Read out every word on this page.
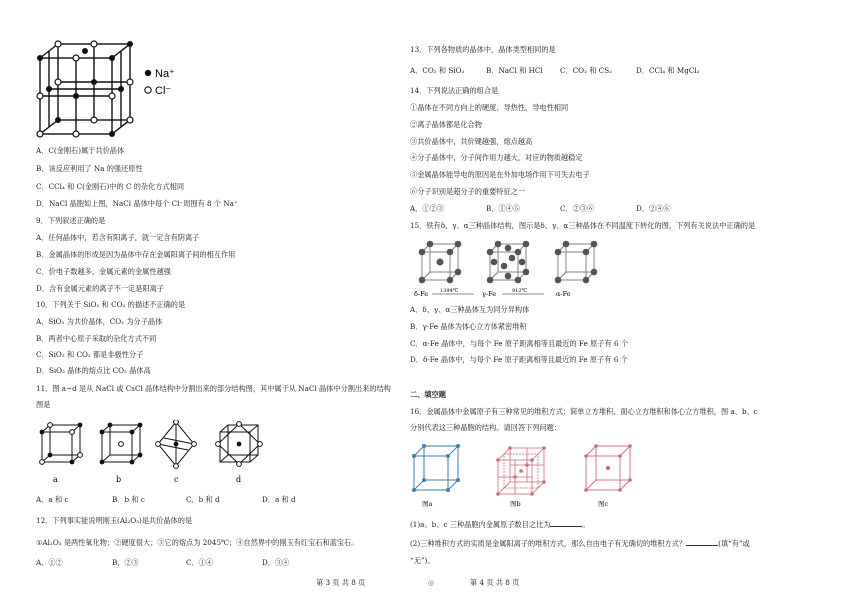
Na⁺
Cl⁻
A．C(金刚石)属于共价晶体
B．该反应利用了 Na 的强还原性
C．CCl₄ 和 C(金刚石)中的 C 的杂化方式相同
D．NaCl 晶胞如上图，NaCl 晶体中每个 Cl⁻周围有 8 个 Na⁺
9．下列叙述正确的是
A．任何晶体中，若含有阳离子，就一定含有阴离子
B．金属晶体的形成是因为晶体中存在金属阳离子间的相互作用
C．价电子数越多，金属元素的金属性越强
D．含有金属元素的离子不一定是阳离子
10．下列关于 SiO₂ 和 CO₂ 的描述不正确的是
A．SiO₂ 为共价晶体，CO₂ 为分子晶体
B．两者中心原子采取的杂化方式不同
C．SiO₂ 和 CO₂ 都是非极性分子
D．SiO₂ 晶体的熔点比 CO₂ 晶体高
11．图 a~d 是从 NaCl 或 CsCl 晶体结构中分割出来的部分结构图，其中属于从 NaCl 晶体中分割出来的结构
图是
a	b	c	d
A．a 和 c	B．b 和 c	C．b 和 d	D．a 和 d
12．下列事实能说明刚玉(Al₂O₃)是共价晶体的是
①Al₂O₃ 是两性氧化物；②硬度很大；③它的熔点为 2045℃；④自然界中的刚玉有红宝石和蓝宝石。
A．①②	B．②③	C．①④	D．③④
13．下列各物质的晶体中，晶体类型相同的是
A．CO₂ 和 SiO₂	B．NaCl 和 HCl C．CO₂ 和 CS₂	D．CCl₄ 和 MgCl₂
14．下列说法正确的组合是
①晶体在不同方向上的硬度、导热性、导电性相同
②离子晶体都是化合物
③共价晶体中，共价键越强，熔点越高
④分子晶体中，分子间作用力越大，对应的物质越稳定
⑤金属晶体能导电的原因是在外加电场作用下可失去电子
⑥分子识别是超分子的重要特征之一
A．①②③	B．①④⑤	C．②③⑥	D．②④⑥
15．铁有δ、γ、α三种晶体结构，图示是δ、γ、α三种晶体在不同温度下转化的图，下列有关说法中正确的是
δ-Fe 1394℃	γ-Fe	912℃	α-Fe
A．δ、γ、α三种晶体互为同分异构体
B．γ-Fe 晶体为体心立方体紧密堆积
C．α-Fe 晶体中，与每个 Fe 原子距离相等且最近的 Fe 原子有 6 个
D．δ-Fe 晶体中，与每个 Fe 原子距离相等且最近的 Fe 原子有 6 个
二、填空题
16．金属晶体中金属原子有三种常见的堆积方式：简单立方堆积、面心立方堆积和体心立方堆积，图 a、b、c
分别代表这三种晶胞的结构。请回答下列问题：
图a	图b	图c
(1)a、b、c 三种晶胞内金属原子数目之比为	。
(2)三种堆积方式的实质是金属阳离子的堆积方式，那么自由电子有无确切的堆积方式？	(填“有”或
“无”)。
第 3 页 共 8 页	◎	第 4 页 共 8 页
